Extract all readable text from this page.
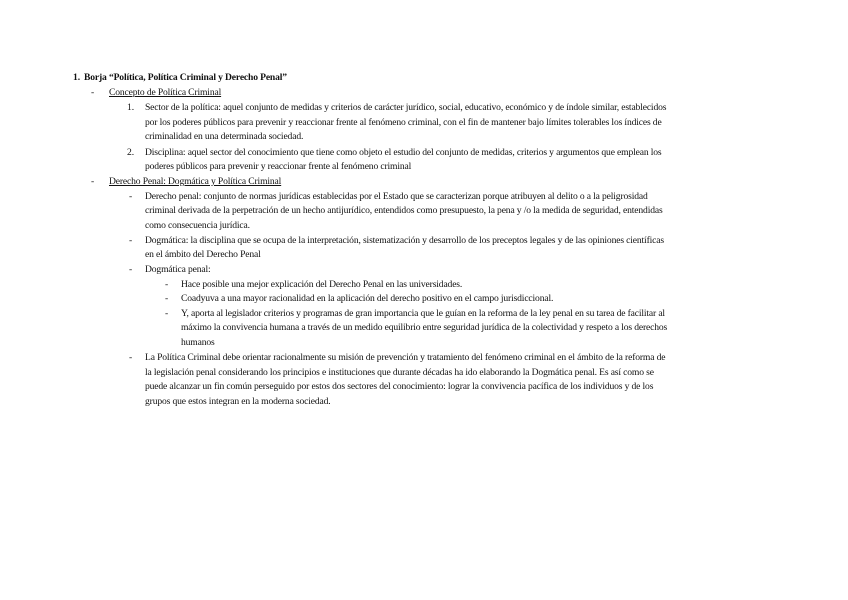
1. Borja “Política, Política Criminal y Derecho Penal”
- Concepto de Política Criminal
1. Sector de la política: aquel conjunto de medidas y criterios de carácter jurídico, social, educativo, económico y de índole similar, establecidos
por los poderes públicos para prevenir y reaccionar frente al fenómeno criminal, con el fin de mantener bajo límites tolerables los índices de
criminalidad en una determinada sociedad.
2. Disciplina: aquel sector del conocimiento que tiene como objeto el estudio del conjunto de medidas, criterios y argumentos que emplean los
poderes públicos para prevenir y reaccionar frente al fenómeno criminal
- Derecho Penal: Dogmática y Política Criminal
- Derecho penal: conjunto de normas jurídicas establecidas por el Estado que se caracterizan porque atribuyen al delito o a la peligrosidad
criminal derivada de la perpetración de un hecho antijurídico, entendidos como presupuesto, la pena y /o la medida de seguridad, entendidas
como consecuencia jurídica.
- Dogmática: la disciplina que se ocupa de la interpretación, sistematización y desarrollo de los preceptos legales y de las opiniones científicas
en el ámbito del Derecho Penal
- Dogmática penal:
- Hace posible una mejor explicación del Derecho Penal en las universidades.
- Coadyuva a una mayor racionalidad en la aplicación del derecho positivo en el campo jurisdiccional.
- Y, aporta al legislador criterios y programas de gran importancia que le guían en la reforma de la ley penal en su tarea de facilitar al
máximo la convivencia humana a través de un medido equilibrio entre seguridad jurídica de la colectividad y respeto a los derechos
humanos
- La Política Criminal debe orientar racionalmente su misión de prevención y tratamiento del fenómeno criminal en el ámbito de la reforma de
la legislación penal considerando los principios e instituciones que durante décadas ha ido elaborando la Dogmática penal. Es así como se
puede alcanzar un fin común perseguido por estos dos sectores del conocimiento: lograr la convivencia pacífica de los individuos y de los
grupos que estos integran en la moderna sociedad.
